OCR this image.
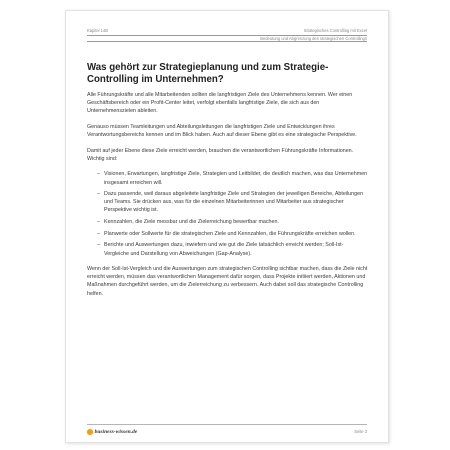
Kapitel 14B	Strategisches Controlling mit Excel
Bedeutung und Abgrenzung des strategischen Controllings
Was gehört zur Strategieplanung und zum Strategie-Controlling im Unternehmen?

Alle Führungskräfte und alle Mitarbeitenden sollten die langfristigen Ziele des Unternehmens kennen. Wer einen Geschäftsbereich oder ein Profit-Center leitet, verfolgt ebenfalls langfristige Ziele, die sich aus den Unternehmenszielen ableiten.

Genauso müssen Teamleitungen und Abteilungsleitungen die langfristigen Ziele und Entwicklungen ihres Verantwortungsbereichs kennen und im Blick haben. Auch auf dieser Ebene gibt es eine strategische Perspektive.

Damit auf jeder Ebene diese Ziele erreicht werden, brauchen die verantwortlichen Führungskräfte Informationen. Wichtig sind:

– Visionen, Erwartungen, langfristige Ziele, Strategien und Leitbilder, die deutlich machen, was das Unternehmen insgesamt erreichen will.
– Dazu passende, weil daraus abgeleitete langfristige Ziele und Strategien der jeweiligen Bereiche, Abteilungen und Teams. Sie drücken aus, was für die einzelnen Mitarbeiterinnen und Mitarbeiter aus strategischer Perspektive wichtig ist.
– Kennzahlen, die Ziele messbar und die Zielerreichung bewertbar machen.
– Planwerte oder Sollwerte für die strategischen Ziele und Kennzahlen, die Führungskräfte erreichen wollen.
– Berichte und Auswertungen dazu, inwiefern und wie gut die Ziele tatsächlich erreicht werden; Soll-Ist-Vergleiche und Darstellung von Abweichungen (Gap-Analyse).

Wenn der Soll-Ist-Vergleich und die Auswertungen zum strategischen Controlling sichtbar machen, dass die Ziele nicht erreicht werden, müssen das verantwortlichen Management dafür sorgen, dass Projekte initiiert werden, Aktionen und Maßnahmen durchgeführt werden, um die Zielerreichung zu verbessern. Auch dabei soll das strategische Controlling helfen.

business-wissen.de	Seite 3
